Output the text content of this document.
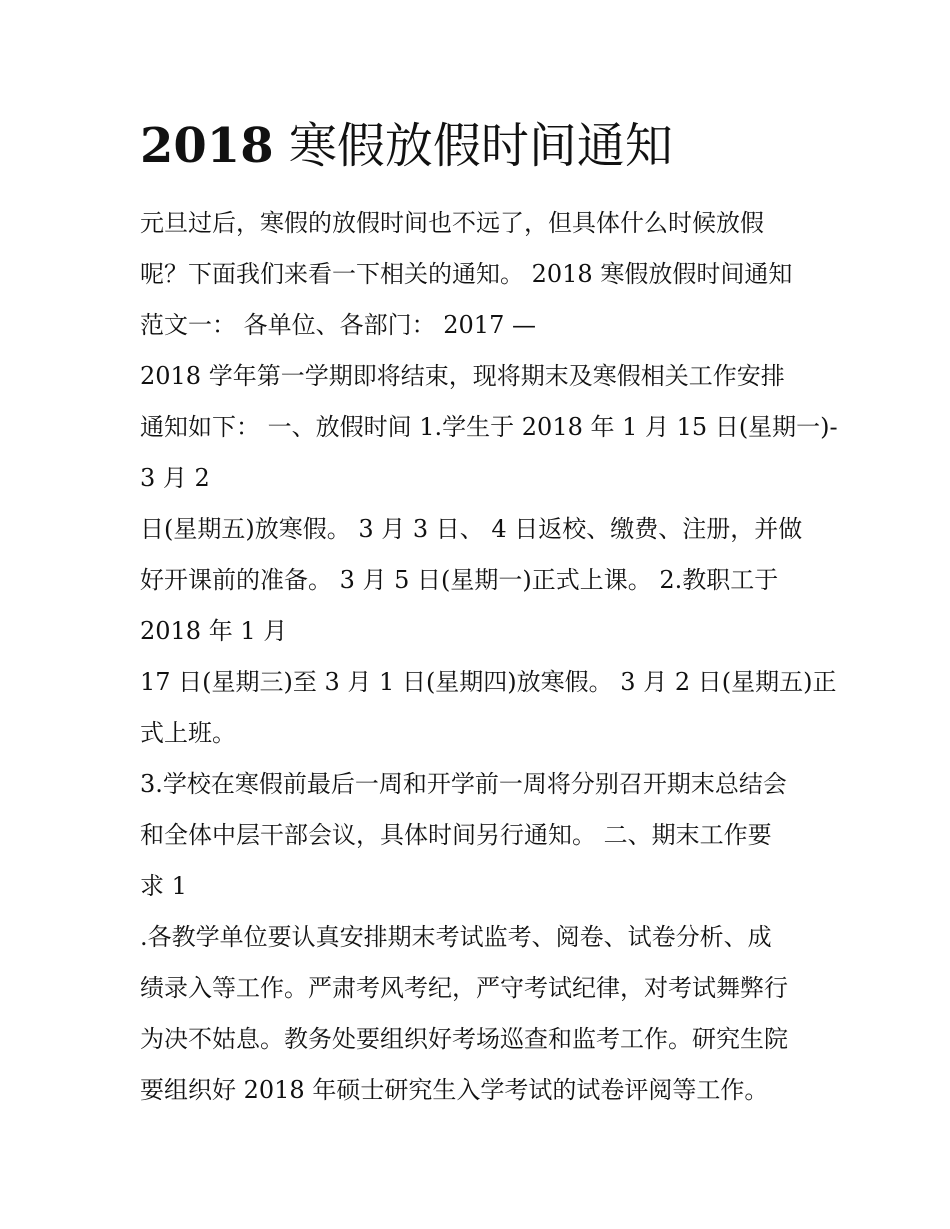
2018 寒假放假时间通知
元旦过后，寒假的放假时间也不远了，但具体什么时候放假
呢？下面我们来看一下相关的通知。 2018 寒假放假时间通知
范文一： 各单位、各部门： 2017 —
2018 学年第一学期即将结束，现将期末及寒假相关工作安排
通知如下： 一、放假时间 1.学生于 2018 年 1 月 15 日(星期一)-
3 月 2
日(星期五)放寒假。 3 月 3 日、 4 日返校、缴费、注册，并做
好开课前的准备。 3 月 5 日(星期一)正式上课。 2.教职工于
2018 年 1 月
17 日(星期三)至 3 月 1 日(星期四)放寒假。 3 月 2 日(星期五)正
式上班。
3.学校在寒假前最后一周和开学前一周将分别召开期末总结会
和全体中层干部会议，具体时间另行通知。 二、期末工作要
求 1
.各教学单位要认真安排期末考试监考、阅卷、试卷分析、成
绩录入等工作。严肃考风考纪，严守考试纪律，对考试舞弊行
为决不姑息。教务处要组织好考场巡查和监考工作。研究生院
要组织好 2018 年硕士研究生入学考试的试卷评阅等工作。
